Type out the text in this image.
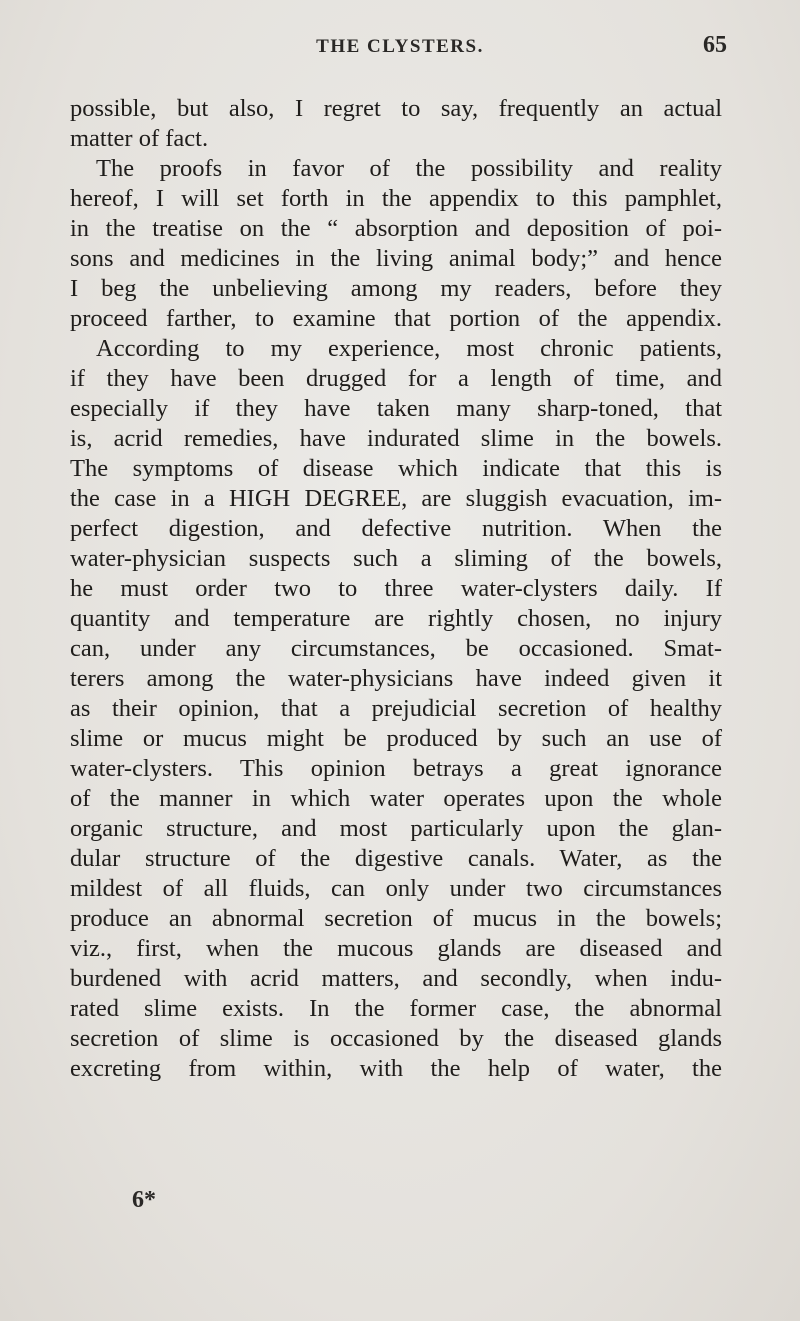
THE CLYSTERS.	65
possible, but also, I regret to say, frequently an actual
matter of fact.
The proofs in favor of the possibility and reality
hereof, I will set forth in the appendix to this pamphlet,
in the treatise on the “ absorption and deposition of poi-
sons and medicines in the living animal body;” and hence
I beg the unbelieving among my readers, before they
proceed farther, to examine that portion of the appendix.
According to my experience, most chronic patients,
if they have been drugged for a length of time, and
especially if they have taken many sharp-toned, that
is, acrid remedies, have indurated slime in the bowels.
The symptoms of disease which indicate that this is
the case in a HIGH DEGREE, are sluggish evacuation, im-
perfect digestion, and defective nutrition. When the
water-physician suspects such a sliming of the bowels,
he must order two to three water-clysters daily. If
quantity and temperature are rightly chosen, no injury
can, under any circumstances, be occasioned. Smat-
terers among the water-physicians have indeed given it
as their opinion, that a prejudicial secretion of healthy
slime or mucus might be produced by such an use of
water-clysters. This opinion betrays a great ignorance
of the manner in which water operates upon the whole
organic structure, and most particularly upon the glan-
dular structure of the digestive canals. Water, as the
mildest of all fluids, can only under two circumstances
produce an abnormal secretion of mucus in the bowels;
viz., first, when the mucous glands are diseased and
burdened with acrid matters, and secondly, when indu-
rated slime exists. In the former case, the abnormal
secretion of slime is occasioned by the diseased glands
excreting from within, with the help of water, the
6*
